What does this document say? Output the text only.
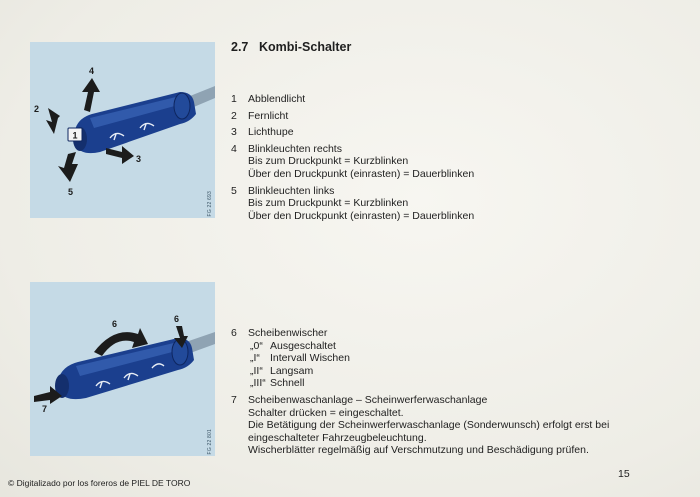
1
2
3
4
5	FG 22 693
6	6
7
FG 22 801
2.7 Kombi-Schalter
1	Abblendlicht
2	Fernlicht
3	Lichthupe
4	Blinkleuchten rechts
Bis zum Druckpunkt = Kurzblinken
Über den Druckpunkt (einrasten) = Dauerblinken
5	Blinkleuchten links
Bis zum Druckpunkt = Kurzblinken
Über den Druckpunkt (einrasten) = Dauerblinken
6	Scheibenwischer
„0“ Ausgeschaltet
„I“ Intervall Wischen
„II“ Langsam
„III“ Schnell
7	Scheibenwaschanlage – Scheinwerferwaschanlage
Schalter drücken = eingeschaltet.
Die Betätigung der Scheinwerferwaschanlage (Sonderwunsch) erfolgt erst bei
eingeschalteter Fahrzeugbeleuchtung.
Wischerblätter regelmäßig auf Verschmutzung und Beschädigung prüfen.
15
© Digitalizado por los foreros de PIEL DE TORO
